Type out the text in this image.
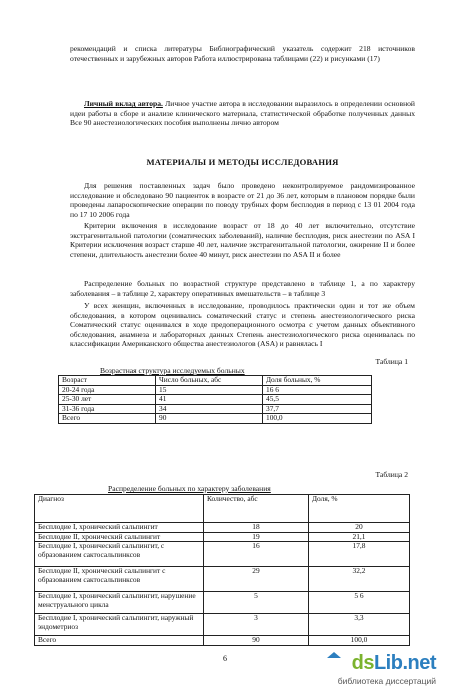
рекомендаций и списка литературы Библиографический указатель содержит 218 источников отечественных и зарубежных авторов Работа иллюстрирована таблицами (22) и рисунками (17)

Личный вклад автора. Личное участие автора в исследовании выразилось в определении основной идеи работы в сборе и анализе клинического материала, статистической обработке полученных данных Все 90 анестезиологических пособия выполнены лично автором

МАТЕРИАЛЫ И МЕТОДЫ ИССЛЕДОВАНИЯ

Для решения поставленных задач было проведено неконтролируемое рандомизированное исследование и обследовано 90 пациенток в возрасте от 21 до 36 лет, которым в плановом порядке были проведены лапароскопические операции по поводу трубных форм бесплодия в период с 13 01 2004 года по 17 10 2006 года

Критерии включения в исследование возраст от 18 до 40 лет включительно, отсутствие экстрагенитальной патологии (соматических заболеваний), наличие бесплодия, риск анестезии по ASA I Критерии исключения возраст старше 40 лет, наличие экстрагенитальной патологии, ожирение II и более степени, длительность анестезии более 40 минут, риск анестезии по ASA II и более

Распределение больных по возрастной структуре представлено в таблице 1, а по характеру заболевания – в таблице 2, характеру оперативных вмешательств – в таблице 3

У всех женщин, включенных в исследование, проводилось практически один и тот же объем обследования, в котором оценивались соматический статус и степень анестезиологического риска Соматический статус оценивался в ходе предоперационного осмотра с учетом данных объективного обследования, анамнеза и лабораторных данных Степень анестезиологического риска оценивалась по классификации Американского общества анестезиологов (ASA) и равнялась I

Таблица 1
Возрастная структура исследуемых больных
Возраст	Число больных, абс	Доля больных, %
20-24 года	15	16 6
25-30 лет	41	45,5
31-36 года	34	37,7
Всего	90	100,0
Таблица 2
Распределение больных по характеру заболевания
Диагноз	Количество, абс	Доля, %
Бесплодие I, хронический сальпингит	18	20
Бесплодие II, хронический сальпингит	19	21,1
Бесплодие I, хронический сальпингит, с образованием сактосальпинксов	16	17,8
Бесплодие II, хронический сальпингит с образованием сактосальпинксов	29	32,2
Бесплодие I, хронический сальпингит, нарушение менструального цикла	5	5 6
Бесплодие I, хронический сальпингит, наружный эндометриоз	3	3,3
Всего	90	100,0
6	dsLib.net
библиотека диссертаций
